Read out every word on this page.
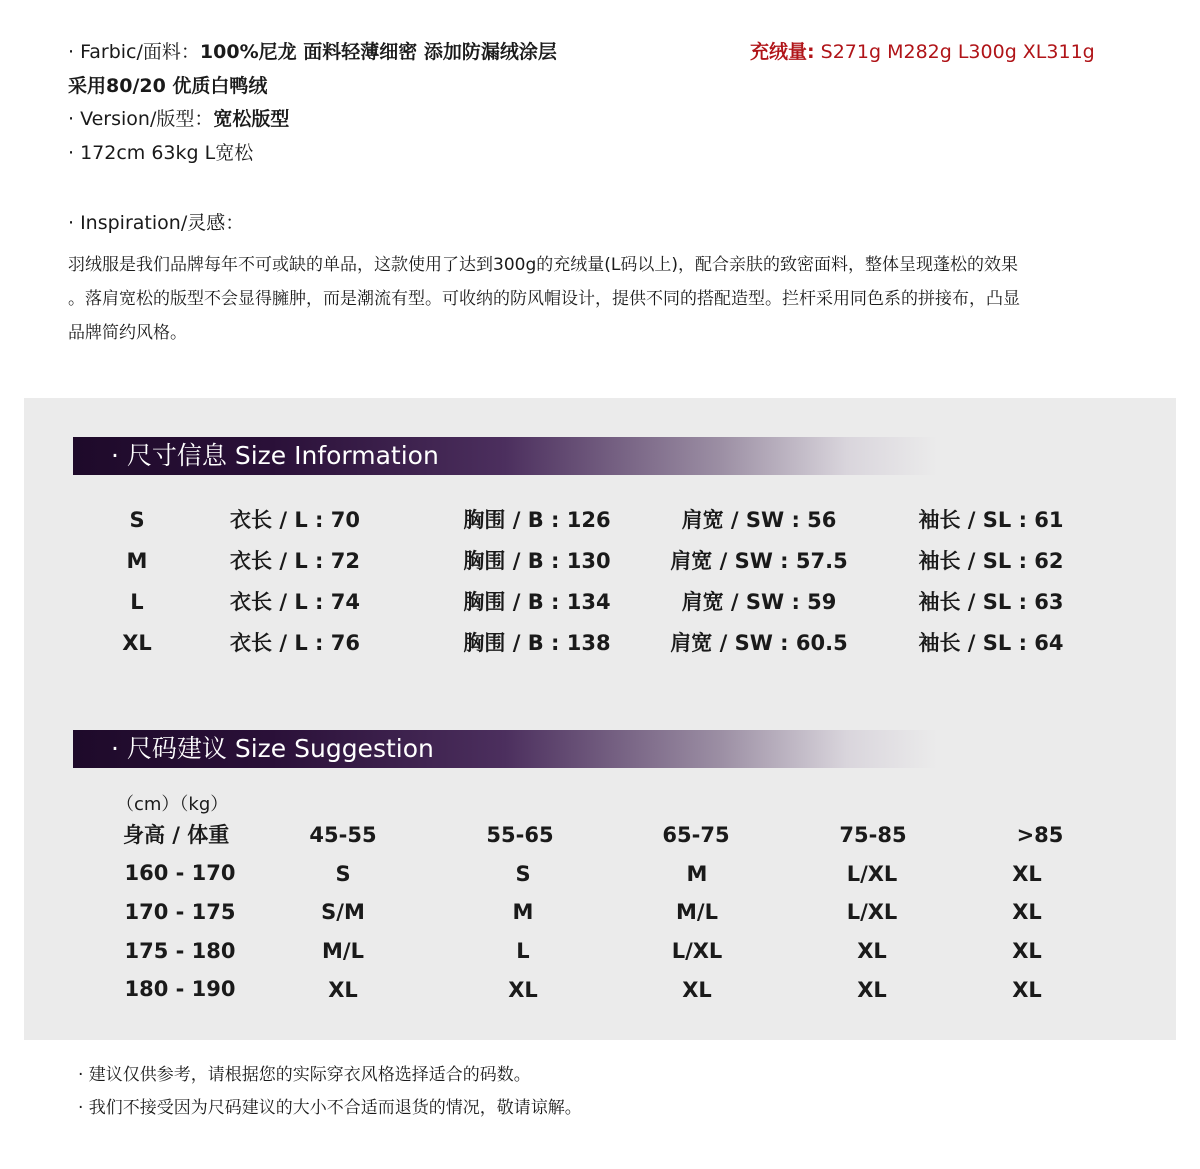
· Farbic/面料：100%尼龙 面料轻薄细密 添加防漏绒涂层
采用80/20 优质白鸭绒
· Version/版型：宽松版型
· 172cm 63kg L宽松
充绒量: S271g M282g L300g XL311g
· Inspiration/灵感：
羽绒服是我们品牌每年不可或缺的单品，这款使用了达到300g的充绒量(L码以上)，配合亲肤的致密面料，整体呈现蓬松的效果
。落肩宽松的版型不会显得臃肿，而是潮流有型。可收纳的防风帽设计，提供不同的搭配造型。拦杆采用同色系的拼接布，凸显
品牌简约风格。
· 尺寸信息 Size Information
S	衣长 / L : 70	胸围 / B : 126	肩宽 / SW : 56	袖长 / SL : 61
M	衣长 / L : 72	胸围 / B : 130	肩宽 / SW : 57.5	袖长 / SL : 62
L	衣长 / L : 74	胸围 / B : 134	肩宽 / SW : 59	袖长 / SL : 63
XL	衣长 / L : 76	胸围 / B : 138	肩宽 / SW : 60.5	袖长 / SL : 64
· 尺码建议 Size Suggestion
（cm）（kg）
身高 / 体重	45-55	55-65	65-75	75-85	>85
160 - 170	S	S	M	L/XL	XL
170 - 175	S/M	M	M/L	L/XL	XL
175 - 180	M/L	L	L/XL	XL	XL
180 - 190	XL	XL	XL	XL	XL
· 建议仅供参考，请根据您的实际穿衣风格选择适合的码数。
· 我们不接受因为尺码建议的大小不合适而退货的情况，敬请谅解。
